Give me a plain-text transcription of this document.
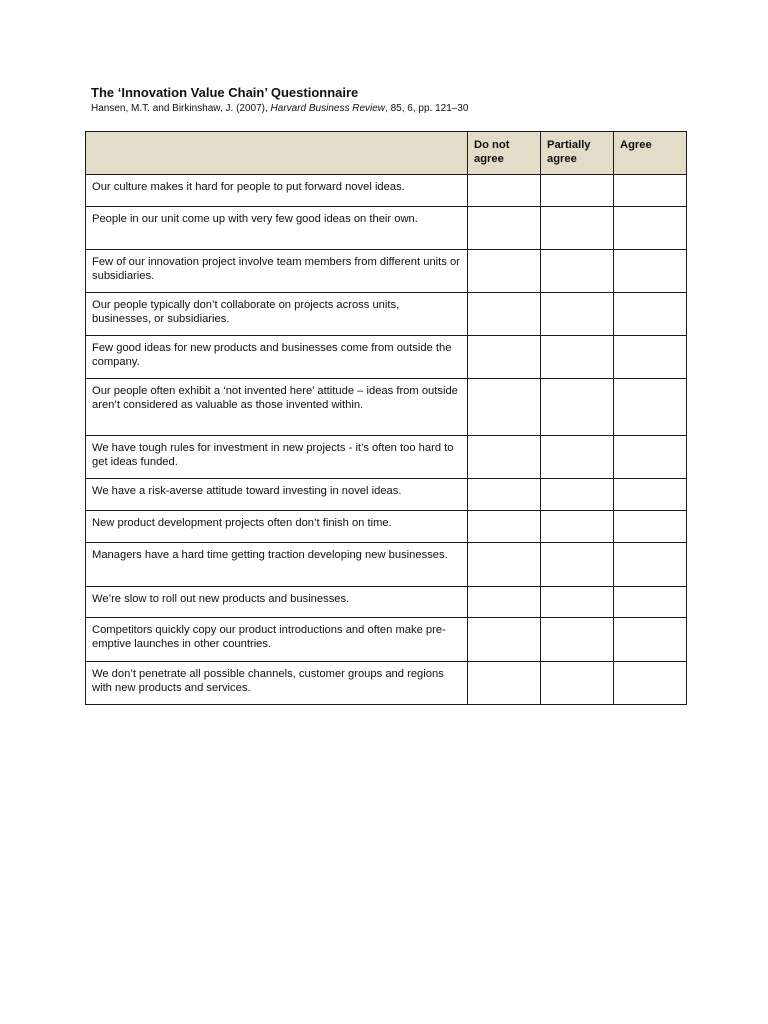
The ‘Innovation Value Chain’ Questionnaire

Hansen, M.T. and Birkinshaw, J. (2007), Harvard Business Review, 85, 6, pp. 121–30

	Do not agree	Partially agree	Agree
Our culture makes it hard for people to put forward novel ideas.			
People in our unit come up with very few good ideas on their own.			
Few of our innovation project involve team members from different units or subsidiaries.			
Our people typically don’t collaborate on projects across units, businesses, or subsidiaries.			
Few good ideas for new products and businesses come from outside the company.			
Our people often exhibit a ‘not invented here’ attitude – ideas from outside aren’t considered as valuable as those invented within.			
We have tough rules for investment in new projects - it’s often too hard to get ideas funded.			
We have a risk-averse attitude toward investing in novel ideas.			
New product development projects often don’t finish on time.			
Managers have a hard time getting traction developing new businesses.			
We’re slow to roll out new products and businesses.			
Competitors quickly copy our product introductions and often make pre-emptive launches in other countries.			
We don’t penetrate all possible channels, customer groups and regions with new products and services.			
